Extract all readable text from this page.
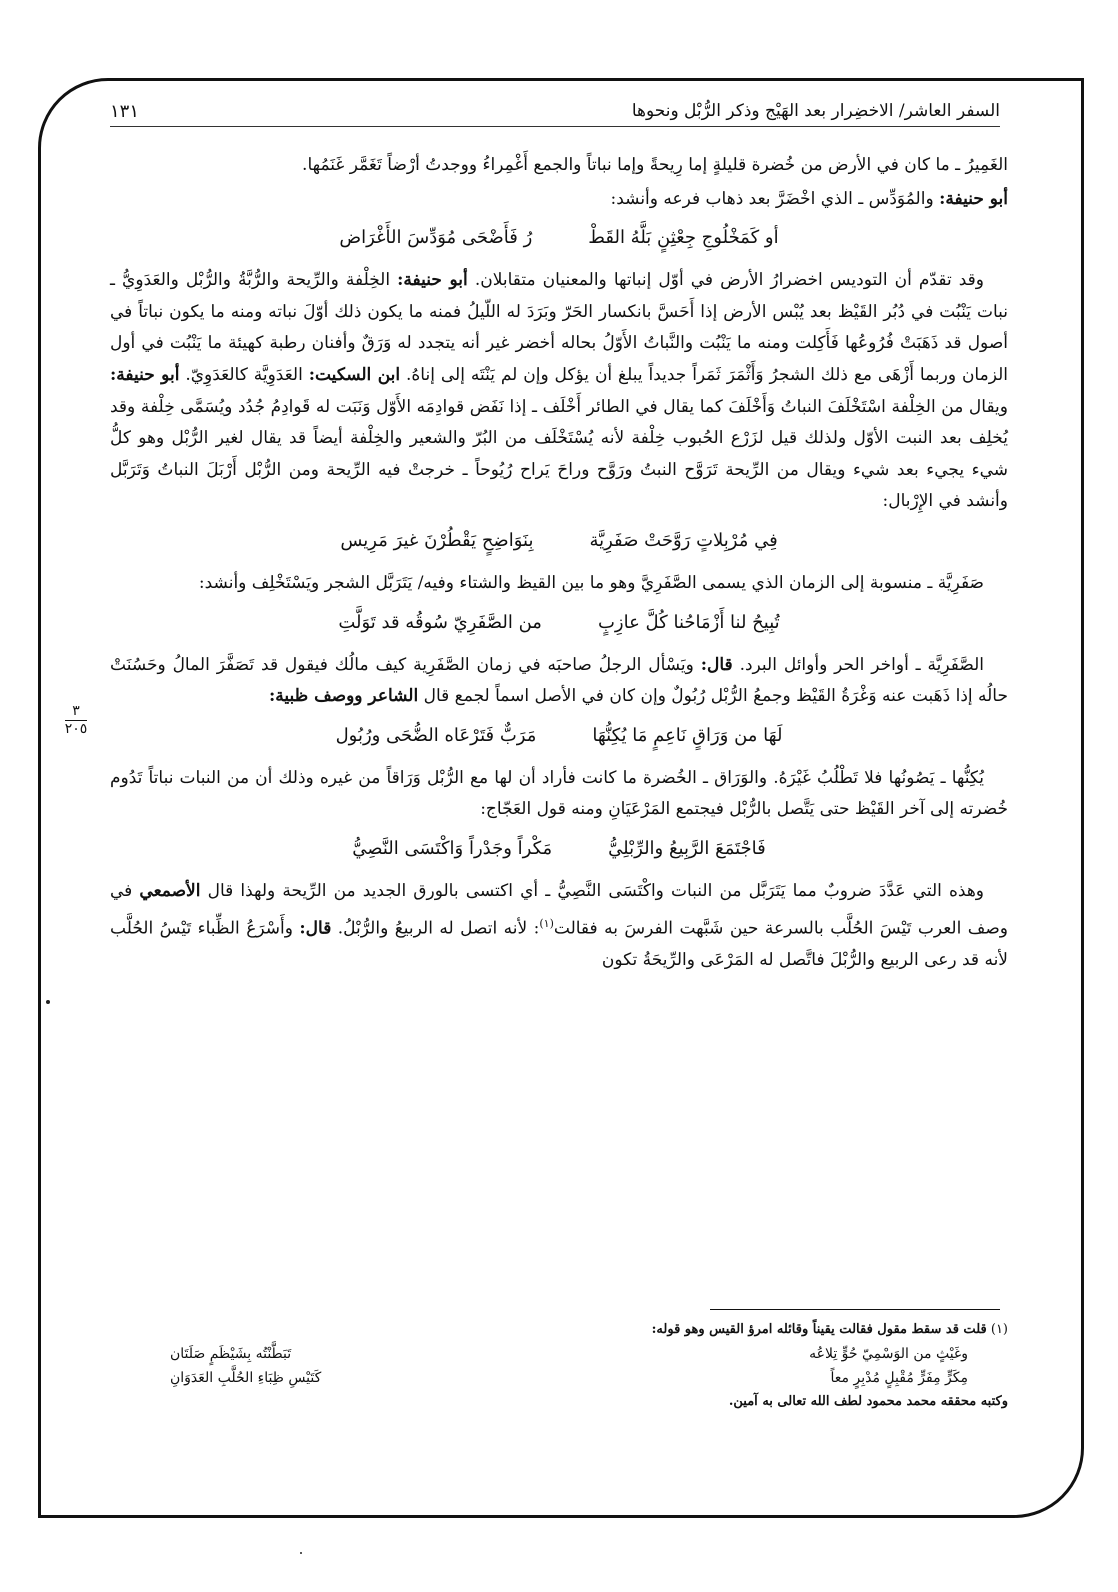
السفر العاشر/ الاخضِرار بعد الهَيْج وذكر الرُّبْل ونحوها
١٣١
٣
٢٠٥

الغَمِيرُ ـ ما كان في الأرض من خُضرة قليلةٍ إما رِيحةً وإما نباتاً والجمع أَغْمِراءُ ووجدتُ أرْضاً تَغَمَّر غَنَمُها.

أبو حنيفة: والمُوَدِّس ـ الذي اخْضَرَّ بعد ذهاب فرعه وأنشد:

أو كَمَخْلُوجِ جِعْثِنٍ بَلَّهُ القَطْ
رُ فَأَضْحَى مُوَدِّسَ الأَغْرَاض

وقد تقدّم أن التوديس اخضرارُ الأرض في أوّل إنباتها والمعنيان متقابلان. أبو حنيفة: الخِلْفة والرِّيحة والرُّبَّةُ والرُّبْل والعَدَوِيُّ ـ نبات يَنْبُت في دُبُر القَيْظ بعد يُبْس الأرض إذا أَحَسَّ بانكسار الحَرّ وبَرَدَ له اللّيلُ فمنه ما يكون ذلك أوّلَ نباته ومنه ما يكون نباتاً في أصول قد ذَهَبَتْ فُرُوعُها فَأَكِلت ومنه ما يَنْبُت والنَّباتُ الأَوّلُ بحاله أخضر غير أنه يتجدد له وَرَقٌ وأفنان رطبة كهيئة ما يَنْبُت في أول الزمان وربما أَزْهَى مع ذلك الشجرُ وَأَثْمَرَ ثَمَراً جديداً يبلغ أن يؤكل وإن لم يَنْتَه إلى إناهُ. ابن السكيت: العَدَوِيَّة كالعَدَوِيّ. أبو حنيفة: ويقال من الخِلْفة اسْتَخْلَفَ النباتُ وَأَخْلَفَ كما يقال في الطائر أَخْلَف ـ إذا نَفَض قوادِمَه الأَوّل وَنَبَت له قَوادِمُ جُدُد ويُسَمَّى خِلْفة وقد يُخلِف بعد النبت الأوّل ولذلك قيل لزَرْع الحُبوب خِلْفة لأنه يُسْتَخْلَف من البُرّ والشعير والخِلْفة أيضاً قد يقال لغير الرُّبْل وهو كلُّ شيء يجيء بعد شيء ويقال من الرِّيحة تَرَوَّح النبتُ ورَوَّح وراحَ يَراح رُيُوحاً ـ خرجتْ فيه الرِّيحة ومن الرُّبْل أَرْبَلَ النباتُ وَتَرَبَّل وأنشد في الإِرْبال:

فِي مُرْبِلاتٍ رَوَّحَتْ صَفَرِيَّة
بِنَوَاضِحٍ يَقْطُرْنَ غيرَ مَرِيس

صَفَرِيَّة ـ منسوبة إلى الزمان الذي يسمى الصَّفَرِيَّ وهو ما بين القيظ والشتاء وفيه/ يَتَرَبَّل الشجر ويَسْتَخْلِف وأنشد:

تُبِيحُ لنا أَزْمَاحُنا كُلَّ عازِبٍ
من الصَّفَرِيّ سُوقُه قد تَوَلَّتِ

الصَّفَرِيَّة ـ أواخر الحر وأوائل البرد. قال: ويَسْأل الرجلُ صاحبَه في زمان الصَّفَرِية كيف مالُك فيقول قد تَصَفَّرَ المالُ وحَسُنَتْ حالُه إذا ذَهَبت عنه وَغْرَةُ القَيْظ وجمعُ الرُّبْل رُبُولٌ وإن كان في الأصل اسماً لجمع قال الشاعر ووصف ظبية:

لَهَا من وَرَاقٍ نَاعِمٍ مَا يُكِنُّهَا
مَرَبٌّ فَتَرْعَاه الضُّحَى ورُبُول

يُكِنُّها ـ يَصُونُها فلا تَطْلُبُ غَيْرَهُ. والوَرَاق ـ الخُضرة ما كانت فأراد أن لها مع الرُّبْل وَرَاقاً من غيره وذلك أن من النبات نباتاً تَدُوم خُضرته إلى آخر القَيْظ حتى يَتَّصل بالرُّبْل فيجتمع المَرْعَيَانِ ومنه قول العَجّاج:

فَاجْتَمَعَ الرَّبِيعُ والرِّبْلِيُّ
مَكْراً وجَدْراً وَاكْتَسَى النَّصِيُّ

وهذه التي عَدَّدَ ضروبٌ مما يَتَرَبَّل من النبات واكْتَسَى النَّصِيُّ ـ أي اكتسى بالورق الجديد من الرِّيحة ولهذا قال الأصمعي في وصف العرب تَيْسَ الحُلَّب بالسرعة حين شَبَّهت الفرسَ به فقالت$^{(١)}$: لأنه اتصل له الربيعُ والرُّبْلُ. قال: وأَسْرَعُ الظِّباء تَيْسُ الحُلَّب لأنه قد رعى الربيع والرُّبْلَ فاتَّصل له المَرْعَى والرِّيحَةُ تكون

(١) قلت قد سقط مقول فقالت يقيناً وقائله امرؤ القيس وهو قوله:
وغَيْثٍ من الوَسْمِيّ حُوٍّ تِلاعُه
تَبَطَّنْتُه بِشَيْظَمٍ صَلَتَان
مِكَرٍّ مِفَرٍّ مُقْبِلٍ مُدْبِرٍ معاً
كَتَيْسِ ظِبَاءِ الحُلَّبِ العَدَوَانِ
وكتبه محققه محمد محمود لطف الله تعالى به آمين.
